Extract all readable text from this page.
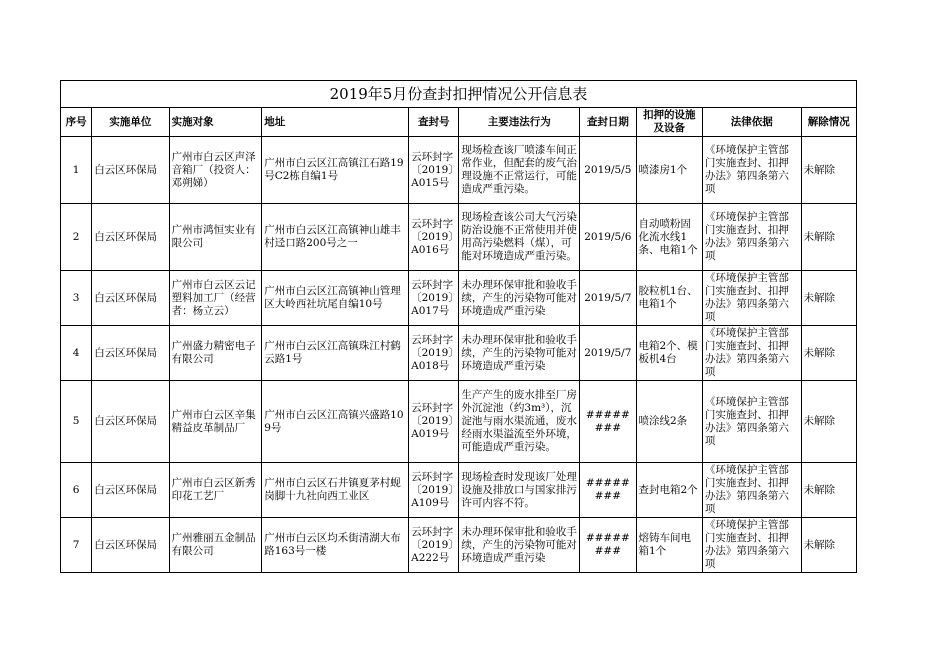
2019年5月份查封扣押情况公开信息表									
序号	实施单位	实施对象	地址	查封号	主要违法行为	查封日期	扣押的设施及设备	法律依据	解除情况
1	白云区环保局	广州市白云区声泽音箱厂（投资人：邓朔娣）	广州市白云区江高镇江石路19号C2栋自编1号	云环封字〔2019〕A015号	现场检查该厂喷漆车间正常作业，但配套的废气治理设施不正常运行，可能造成严重污染。	2019/5/5	喷漆房1个	《环境保护主管部门实施查封、扣押办法》第四条第六项	未解除
2	白云区环保局	广州市鸿恒实业有限公司	广州市白云区江高镇神山雄丰村迳口路200号之一	云环封字〔2019〕A016号	现场检查该公司大气污染防治设施不正常使用并使用高污染燃料（煤），可能对环境造成严重污染。	2019/5/6	自动喷粉固化流水线1条、电箱1个	《环境保护主管部门实施查封、扣押办法》第四条第六项	未解除
3	白云区环保局	广州市白云区云记塑料加工厂（经营者：杨立云）	广州市白云区江高镇神山管理区大岭西社坑尾自编10号	云环封字〔2019〕A017号	未办理环保审批和验收手续，产生的污染物可能对环境造成严重污染	2019/5/7	胶粒机1台、电箱1个	《环境保护主管部门实施查封、扣押办法》第四条第六项	未解除
4	白云区环保局	广州盛力精密电子有限公司	广州市白云区江高镇珠江村鹤云路1号	云环封字〔2019〕A018号	未办理环保审批和验收手续，产生的污染物可能对环境造成严重污染	2019/5/7	电箱2个、模板机4台	《环境保护主管部门实施查封、扣押办法》第四条第六项	未解除
5	白云区环保局	广州市白云区辛集精益皮革制品厂	广州市白云区江高镇兴盛路109号	云环封字〔2019〕A019号	生产产生的废水排至厂房外沉淀池（约3m³），沉淀池与雨水渠流通，废水经雨水渠溢流至外环境，可能造成严重污染。	########	喷涂线2条	《环境保护主管部门实施查封、扣押办法》第四条第六项	未解除
6	白云区环保局	广州市白云区新秀印花工艺厂	广州市白云区石井镇夏茅村蚬岗脚十九社向西工业区	云环封字〔2019〕A109号	现场检查时发现该厂处理设施及排放口与国家排污许可内容不符。	########	查封电箱2个	《环境保护主管部门实施查封、扣押办法》第四条第六项	未解除
7	白云区环保局	广州雅丽五金制品有限公司	广州市白云区均禾街清湖大布路163号一楼	云环封字〔2019〕A222号	未办理环保审批和验收手续，产生的污染物可能对环境造成严重污染	########	熔铸车间电箱1个	《环境保护主管部门实施查封、扣押办法》第四条第六项	未解除
